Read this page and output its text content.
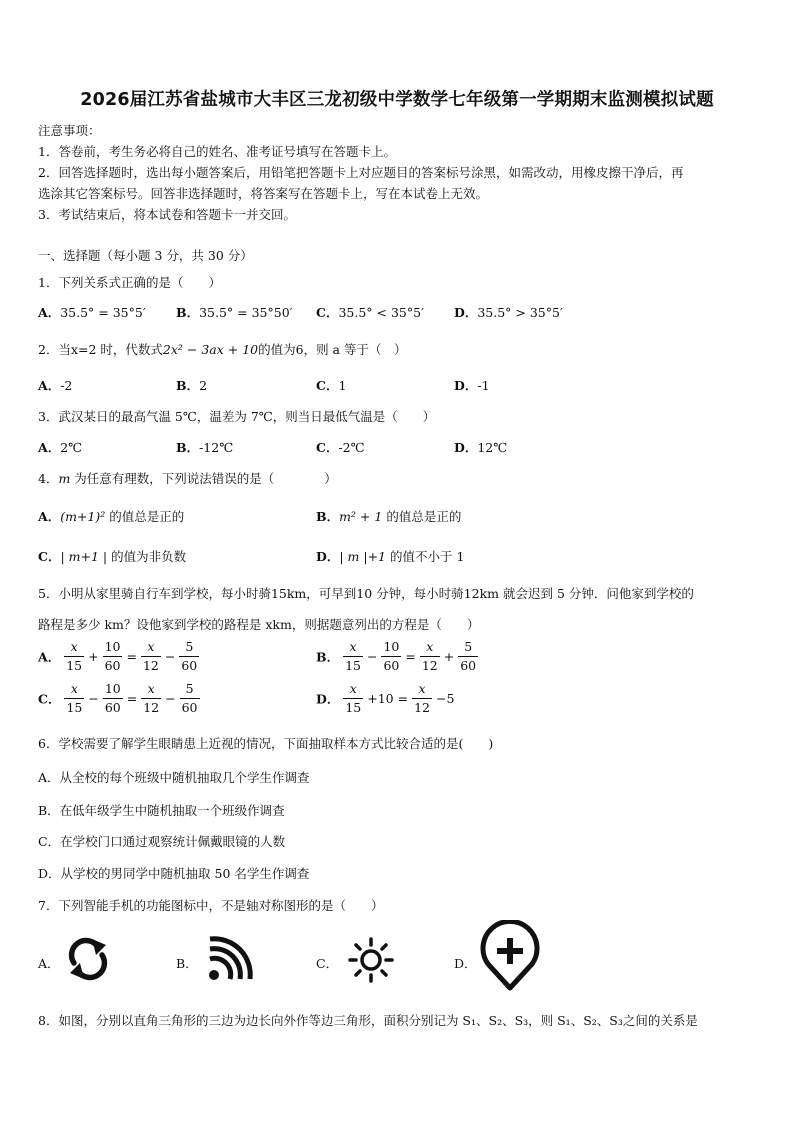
2026届江苏省盐城市大丰区三龙初级中学数学七年级第一学期期末监测模拟试题
注意事项：
1．答卷前，考生务必将自己的姓名、准考证号填写在答题卡上。
2．回答选择题时，选出每小题答案后，用铅笔把答题卡上对应题目的答案标号涂黑，如需改动，用橡皮擦干净后，再
选涂其它答案标号。回答非选择题时，将答案写在答题卡上，写在本试卷上无效。
3．考试结束后，将本试卷和答题卡一并交回。
一、选择题（每小题 3 分，共 30 分）
1．下列关系式正确的是（　　）
A．35.5° = 35°5′ B．35.5° = 35°50′ C．35.5° < 35°5′ D．35.5° > 35°5′
2．当x=2 时，代数式2x² − 3ax + 10的值为6，则 a 等于（　）
A．-2	B．2	C．1	D．-1
3．武汉某日的最高气温 5℃，温差为 7℃，则当日最低气温是（　　）
A．2℃	B．-12℃	C．-2℃	D．12℃
4．m 为任意有理数，下列说法错误的是（　　　　）
A．(m+1)² 的值总是正的	B．m² + 1 的值总是正的
C．| m+1 | 的值为非负数	D．| m |+1 的值不小于 1
5．小明从家里骑自行车到学校，每小时骑15km，可早到10 分钟，每小时骑12km 就会迟到 5 分钟．问他家到学校的
路程是多少 km？设他家到学校的路程是 xkm，则据题意列出的方程是（　　）
A． $\frac{x}{15} + \frac{10}{60} = \frac{x}{12} - \frac{5}{60}$	B． $\frac{x}{15} - \frac{10}{60} = \frac{x}{12} + \frac{5}{60}$
C． $\frac{x}{15} - \frac{10}{60} = \frac{x}{12} - \frac{5}{60}$	D． $\frac{x}{15} +10 = \frac{x}{12} -5$
6．学校需要了解学生眼睛患上近视的情况，下面抽取样本方式比较合适的是(　　)
A．从全校的每个班级中随机抽取几个学生作调查
B．在低年级学生中随机抽取一个班级作调查
C．在学校门口通过观察统计佩戴眼镜的人数
D．从学校的男同学中随机抽取 50 名学生作调查
7．下列智能手机的功能图标中，不是轴对称图形的是（　　）
A．	B．	C．	D．
8．如图，分别以直角三角形的三边为边长向外作等边三角形，面积分别记为 S₁、S₂、S₃，则 S₁、S₂、S₃之间的关系是
